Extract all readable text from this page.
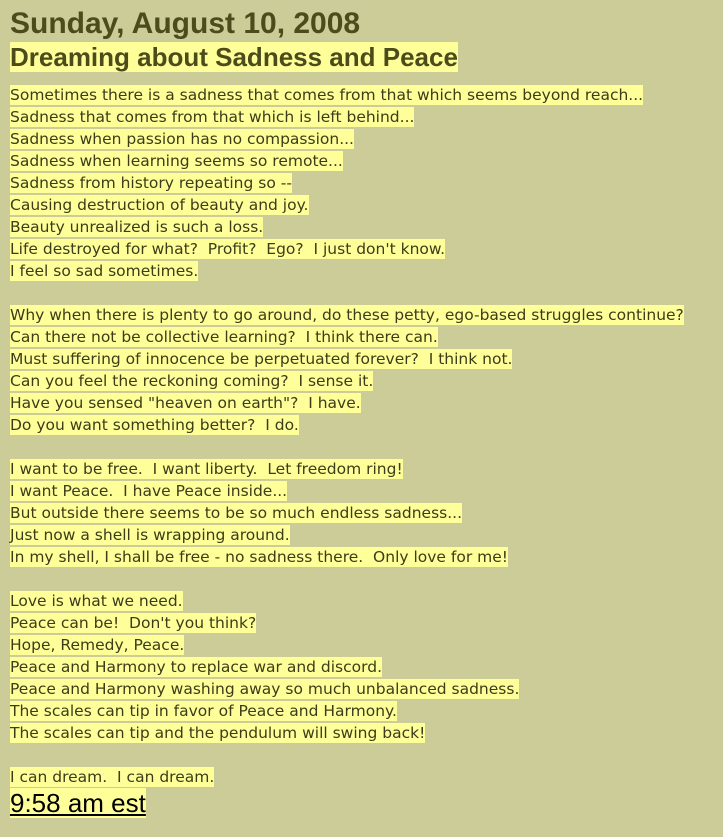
Sunday, August 10, 2008
Dreaming about Sadness and Peace
Sometimes there is a sadness that comes from that which seems beyond reach...
Sadness that comes from that which is left behind...
Sadness when passion has no compassion...
Sadness when learning seems so remote...
Sadness from history repeating so --
Causing destruction of beauty and joy.
Beauty unrealized is such a loss.
Life destroyed for what?  Profit?  Ego?  I just don't know.
I feel so sad sometimes.
Why when there is plenty to go around, do these petty, ego-based struggles continue?
Can there not be collective learning?  I think there can.
Must suffering of innocence be perpetuated forever?  I think not.
Can you feel the reckoning coming?  I sense it.
Have you sensed "heaven on earth"?  I have.
Do you want something better?  I do.
I want to be free.  I want liberty.  Let freedom ring!
I want Peace.  I have Peace inside...
But outside there seems to be so much endless sadness...
Just now a shell is wrapping around.
In my shell, I shall be free - no sadness there.  Only love for me!
Love is what we need.
Peace can be!  Don't you think?
Hope, Remedy, Peace.
Peace and Harmony to replace war and discord.
Peace and Harmony washing away so much unbalanced sadness.
The scales can tip in favor of Peace and Harmony.
The scales can tip and the pendulum will swing back!
I can dream.  I can dream.
9:58 am est
